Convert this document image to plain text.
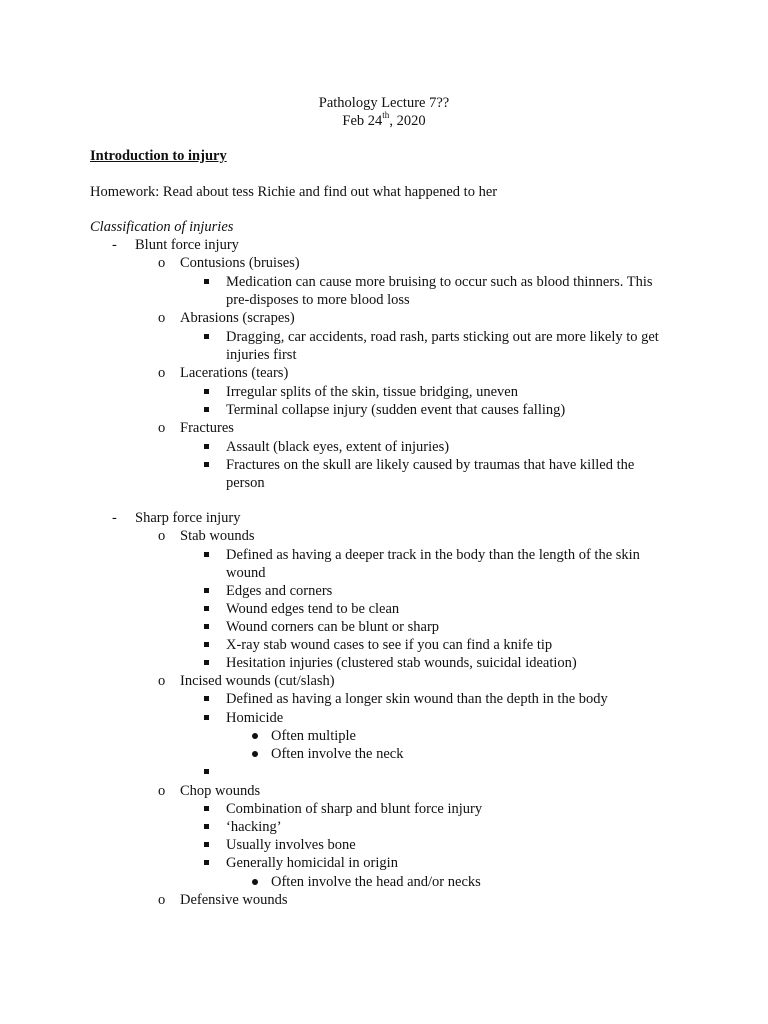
Pathology Lecture 7??
Feb 24th, 2020
Introduction to injury
Homework: Read about tess Richie and find out what happened to her
Classification of injuries
- Blunt force injury
o Contusions (bruises)
Medication can cause more bruising to occur such as blood thinners. This pre-disposes to more blood loss
o Abrasions (scrapes)
Dragging, car accidents, road rash, parts sticking out are more likely to get injuries first
o Lacerations (tears)
Irregular splits of the skin, tissue bridging, uneven
Terminal collapse injury (sudden event that causes falling)
o Fractures
Assault (black eyes, extent of injuries)
Fractures on the skull are likely caused by traumas that have killed the person
- Sharp force injury
o Stab wounds
Defined as having a deeper track in the body than the length of the skin wound
Edges and corners
Wound edges tend to be clean
Wound corners can be blunt or sharp
X-ray stab wound cases to see if you can find a knife tip
Hesitation injuries (clustered stab wounds, suicidal ideation)
o Incised wounds (cut/slash)
Defined as having a longer skin wound than the depth in the body
Homicide
Often multiple
Often involve the neck
o Chop wounds
Combination of sharp and blunt force injury
‘hacking’
Usually involves bone
Generally homicidal in origin
Often involve the head and/or necks
o Defensive wounds
